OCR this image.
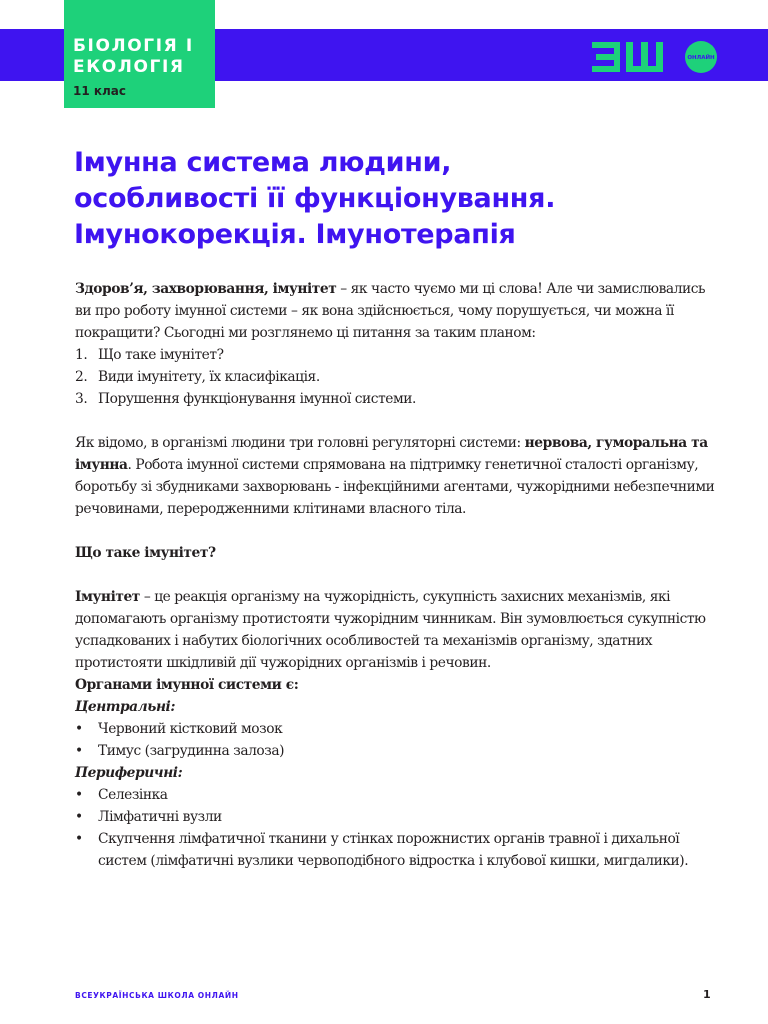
БІОЛОГІЯ І
ЕКОЛОГІЯ
11 клас
ОНЛАЙН
Імунна система людини,
особливості її функціонування.
Імунокорекція. Імунотерапія

Здоров’я, захворювання, імунітет – як часто чуємо ми ці слова! Але чи замислювались ви про роботу імунної системи – як вона здійснюється, чому порушується, чи можна її покращити? Сьогодні ми розглянемо ці питання за таким планом:

1. Що таке імунітет?
2. Види імунітету, їх класифікація.
3. Порушення функціонування імунної системи.

Як відомо, в організмі людини три головні регуляторні системи: нервова, гуморальна та імунна. Робота імунної системи спрямована на підтримку генетичної сталості організму, боротьбу зі збудниками захворювань - інфекційними агентами, чужорідними небезпечними речовинами, переродженними клітинами власного тіла.

Що таке імунітет?

Імунітет – це реакція організму на чужорідність, сукупність захисних механізмів, які допомагають організму протистояти чужорідним чинникам. Він зумовлюється сукупністю успадкованих і набутих біологічних особливостей та механізмів організму, здатних протистояти шкідливій дії чужорідних організмів і речовин.

Органами імунної системи є:

Центральні:

• Червоний кістковий мозок
• Тимус (загрудинна залоза)

Периферичні:

• Селезінка
• Лімфатичні вузли
• Скупчення лімфатичної тканини у стінках порожнистих органів травної і дихальної систем (лімфатичні вузлики червоподібного відростка і клубової кишки, мигдалики).
ВСЕУКРАЇНСЬКА ШКОЛА ОНЛАЙН	1
